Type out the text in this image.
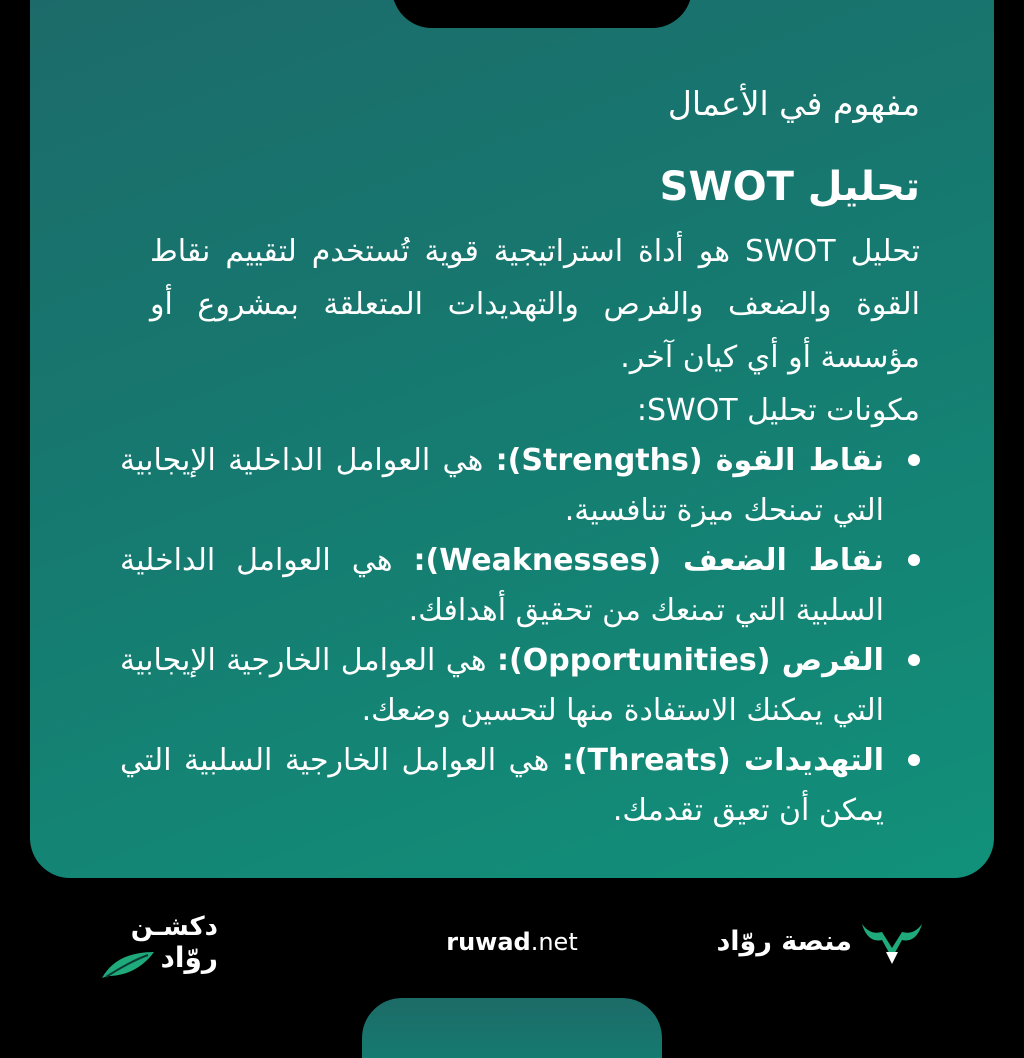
مفهوم في الأعمال
تحليل SWOT

تحليل SWOT هو أداة استراتيجية قوية تُستخدم لتقييم نقاط القوة والضعف والفرص والتهديدات المتعلقة بمشروع أو مؤسسة أو أي كيان آخر.

مكونات تحليل SWOT:

نقاط القوة (Strengths): هي العوامل الداخلية الإيجابية التي تمنحك ميزة تنافسية.
نقاط الضعف (Weaknesses): هي العوامل الداخلية السلبية التي تمنعك من تحقيق أهدافك.
الفرص (Opportunities): هي العوامل الخارجية الإيجابية التي يمكنك الاستفادة منها لتحسين وضعك.
التهديدات (Threats): هي العوامل الخارجية السلبية التي يمكن أن تعيق تقدمك.
دكشـن
روّاد	ruwad.net	منصة روّاد
